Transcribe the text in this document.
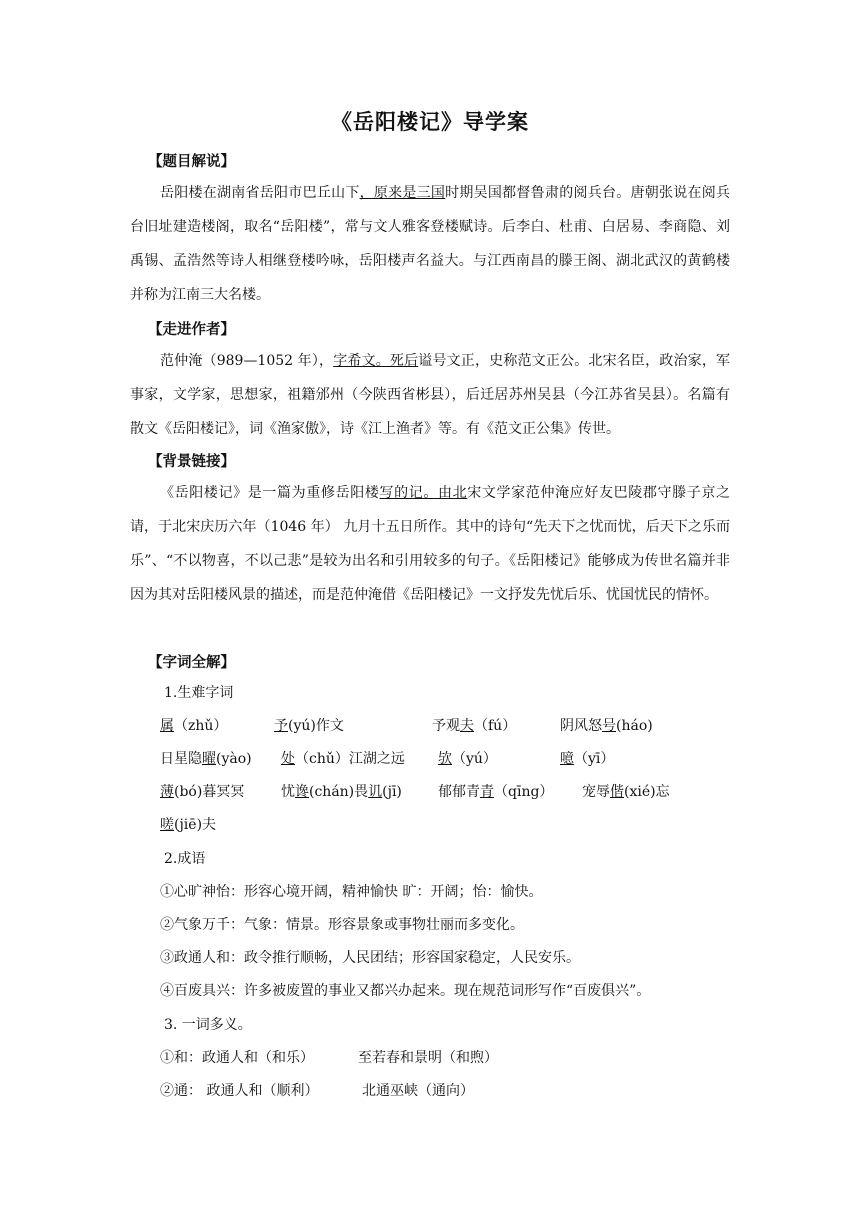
《岳阳楼记》导学案
【题目解说】
岳阳楼在湖南省岳阳市巴丘山下，原来是三国时期吴国都督鲁肃的阅兵台。唐朝张说在阅兵台旧址建造楼阁，取名“岳阳楼”，常与文人雅客登楼赋诗。后李白、杜甫、白居易、李商隐、刘禹锡、孟浩然等诗人相继登楼吟咏，岳阳楼声名益大。与江西南昌的滕王阁、湖北武汉的黄鹤楼并称为江南三大名楼。
【走进作者】
范仲淹（989—1052 年），字希文。死后谥号文正，史称范文正公。北宋名臣，政治家，军事家，文学家，思想家，祖籍邠州（今陕西省彬县），后迁居苏州吴县（今江苏省吴县）。名篇有散文《岳阳楼记》，词《渔家傲》，诗《江上渔者》等。有《范文正公集》传世。
【背景链接】
《岳阳楼记》是一篇为重修岳阳楼写的记。由北宋文学家范仲淹应好友巴陵郡守滕子京之请，于北宋庆历六年（1046 年） 九月十五日所作。其中的诗句“先天下之忧而忧，后天下之乐而乐”、“不以物喜，不以己悲”是较为出名和引用较多的句子。《岳阳楼记》能够成为传世名篇并非因为其对岳阳楼风景的描述，而是范仲淹借《岳阳楼记》一文抒发先忧后乐、忧国忧民的情怀。
【字词全解】
1.生难字词
属（zhǔ）	予(yú)作文	予观夫（fú）	阴风怒号(háo)
日星隐曜(yào) 处（chǔ）江湖之远 欤（yú）	噫（yī）
薄(bó)暮冥冥	忧谗(chán)畏讥(jī)	郁郁青青（qīng） 宠辱偕(xié)忘
嗟(jiē)夫
2.成语
①心旷神怡：形容心境开阔，精神愉快 旷：开阔；怡：愉快。
②气象万千：气象：情景。形容景象或事物壮丽而多变化。
③政通人和：政令推行顺畅，人民团结；形容国家稳定，人民安乐。
④百废具兴：许多被废置的事业又都兴办起来。现在规范词形写作“百废俱兴”。
3. 一词多义。
①和：政通人和（和乐）	至若春和景明（和煦）
②通： 政通人和（顺利）	北通巫峡（通向）
